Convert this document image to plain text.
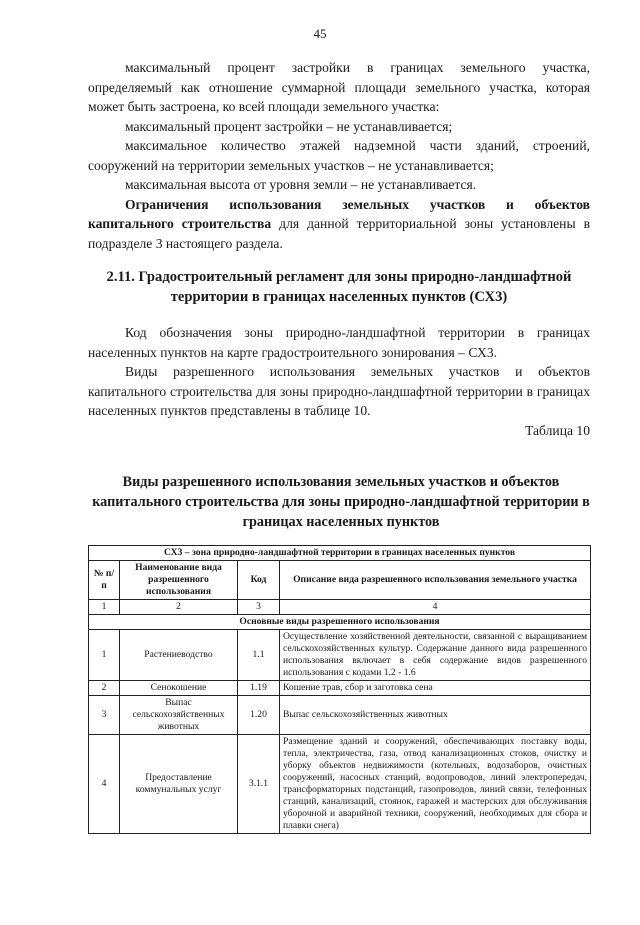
45

максимальный процент застройки в границах земельного участка, определяемый как отношение суммарной площади земельного участка, которая может быть застроена, ко всей площади земельного участка:

максимальный процент застройки – не устанавливается;

максимальное количество этажей надземной части зданий, строений, сооружений на территории земельных участков – не устанавливается;

максимальная высота от уровня земли – не устанавливается.

Ограничения использования земельных участков и объектов капитального строительства для данной территориальной зоны установлены в подразделе 3 настоящего раздела.

2.11. Градостроительный регламент для зоны природно-ландшафтной территории в границах населенных пунктов (СХ3)

Код обозначения зоны природно-ландшафтной территории в границах населенных пунктов на карте градостроительного зонирования – СХ3.

Виды разрешенного использования земельных участков и объектов капитального строительства для зоны природно-ландшафтной территории в границах населенных пунктов представлены в таблице 10.

Таблица 10

Виды разрешенного использования земельных участков и объектов капитального строительства для зоны природно-ландшафтной территории в границах населенных пунктов
СХ3 – зона природно-ландшафтной территории в границах населенных пунктов			
№ п/п	Наименование вида разрешенного использования	Код	Описание вида разрешенного использования земельного участка
1	2	3	4
Основные виды разрешенного использования			
1	Растениеводство	1.1	Осуществление хозяйственной деятельности, связанной с выращиванием сельскохозяйственных культур. Содержание данного вида разрешенного использования включает в себя содержание видов разрешенного использования с кодами 1.2 - 1.6
2	Сенокошение	1.19	Кошение трав, сбор и заготовка сена
3	Выпас сельскохозяйственных животных	1.20	Выпас сельскохозяйственных животных
4	Предоставление коммунальных услуг	3.1.1	Размещение зданий и сооружений, обеспечивающих поставку воды, тепла, электричества, газа, отвод канализационных стоков, очистку и уборку объектов недвижимости (котельных, водозаборов, очистных сооружений, насосных станций, водопроводов, линий электропередач, трансформаторных подстанций, газопроводов, линий связи, телефонных станций, канализаций, стоянок, гаражей и мастерских для обслуживания уборочной и аварийной техники, сооружений, необходимых для сбора и плавки снега)
